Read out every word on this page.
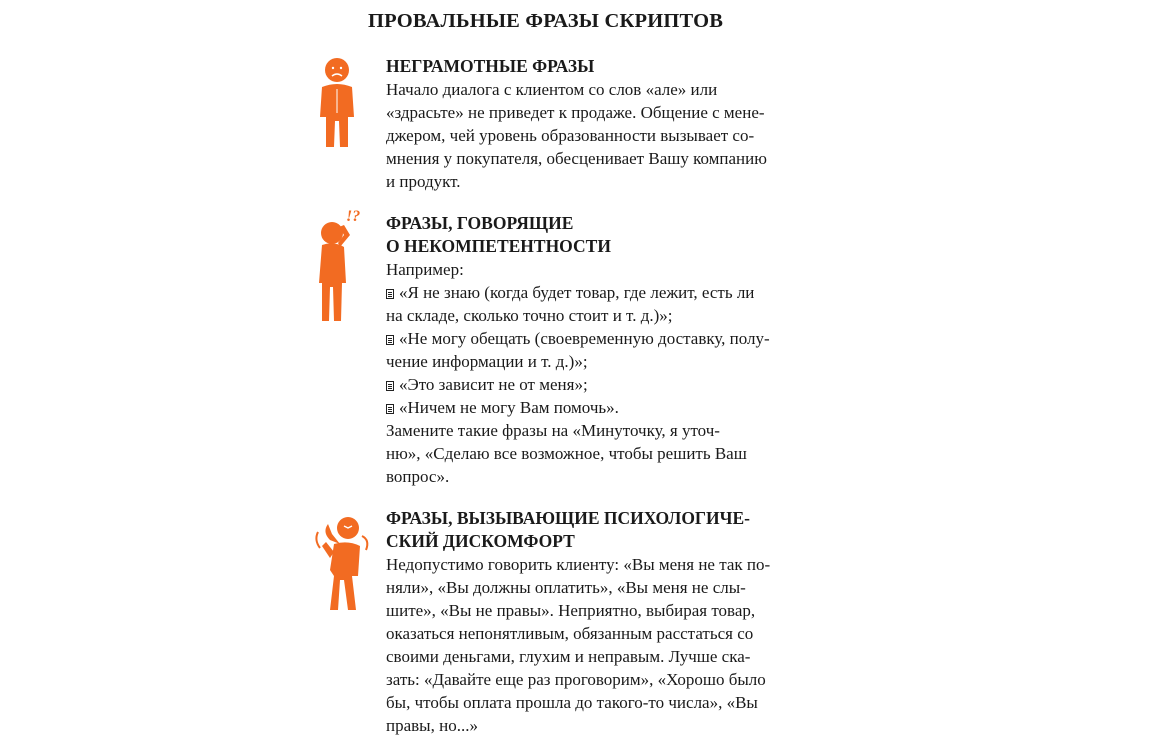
ПРОВАЛЬНЫЕ ФРАЗЫ СКРИПТОВ
!?

НЕГРАМОТНЫЕ ФРАЗЫ

Начало диалога с клиентом со слов «але» или

«здрасьте» не приведет к продаже. Общение с мене-

джером, чей уровень образованности вызывает со-

мнения у покупателя, обесценивает Вашу компанию

и продукт.

ФРАЗЫ, ГОВОРЯЩИЕ

О НЕКОМПЕТЕНТНОСТИ

Например:

«Я не знаю (когда будет товар, где лежит, есть ли

на складе, сколько точно стоит и т. д.)»;

«Не могу обещать (своевременную доставку, полу-

чение информации и т. д.)»;

«Это зависит не от меня»;
«Ничем не могу Вам помочь».

Замените такие фразы на «Минуточку, я уточ-

ню», «Сделаю все возможное, чтобы решить Ваш

вопрос».

ФРАЗЫ, ВЫЗЫВАЮЩИЕ ПСИХОЛОГИЧЕ-

СКИЙ ДИСКОМФОРТ

Недопустимо говорить клиенту: «Вы меня не так по-

няли», «Вы должны оплатить», «Вы меня не слы-

шите», «Вы не правы». Неприятно, выбирая товар,

оказаться непонятливым, обязанным расстаться со

своими деньгами, глухим и неправым. Лучше ска-

зать: «Давайте еще раз проговорим», «Хорошо было

бы, чтобы оплата прошла до такого-то числа», «Вы

правы, но...»
